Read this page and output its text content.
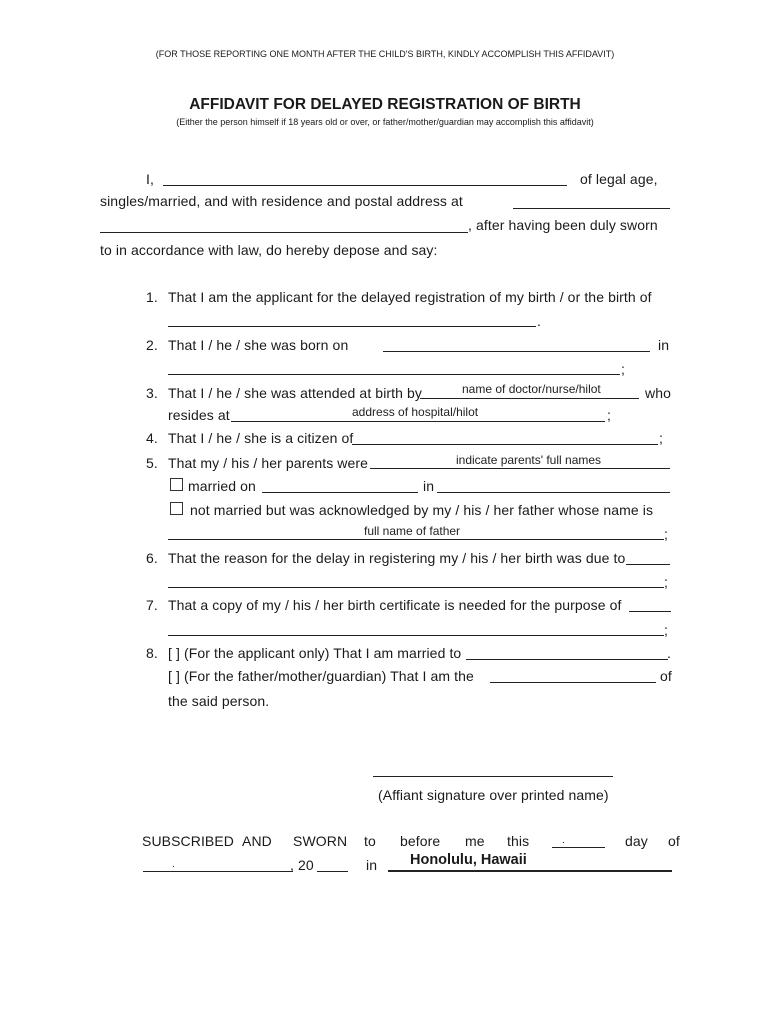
(FOR THOSE REPORTING ONE MONTH AFTER THE CHILD'S BIRTH, KINDLY ACCOMPLISH THIS AFFIDAVIT)
AFFIDAVIT FOR DELAYED REGISTRATION OF BIRTH
(Either the person himself if 18 years old or over, or father/mother/guardian may accomplish this affidavit)
I,	of legal age,
singles/married, and with residence and postal address at
, after having been duly sworn
to in accordance with law, do hereby depose and say:
1. That I am the applicant for the delayed registration of my birth / or the birth of
.
2. That I / he / she was born on	in
;
3. That I / he / she was attended at birth by	name of doctor/nurse/hilot	who
resides at	address of hospital/hilot	;
4. That I / he / she is a citizen of	;
5. That my / his / her parents were	indicate parents' full names
married on	in
not married but was acknowledged by my / his / her father whose name is
full name of father	;
6. That the reason for the delay in registering my / his / her birth was due to
;
7. That a copy of my / his / her birth certificate is needed for the purpose of
;
8. [ ] (For the applicant only) That I am married to	.
[ ] (For the father/mother/guardian) That I am the	of
the said person.
(Affiant signature over printed name)
SUBSCRIBED AND SWORN to before me this	.	day of
.	, 20	in Honolulu, Hawaii
